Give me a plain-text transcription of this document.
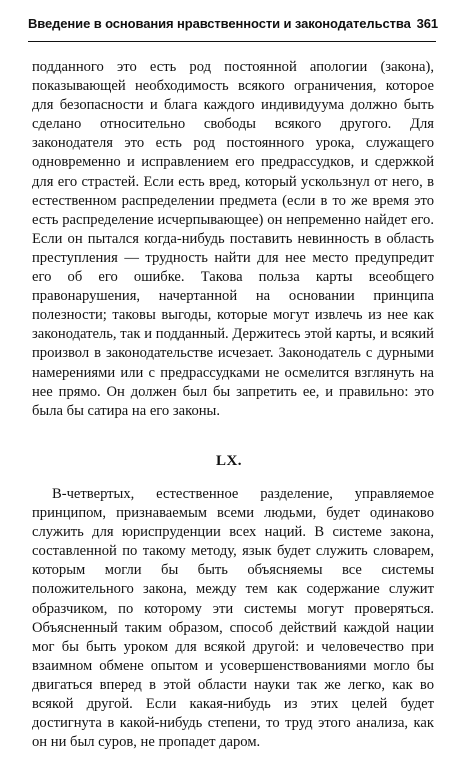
Введение в основания нравственности и законодательства 361

подданного это есть род постоянной апологии (закона), показывающей необходимость всякого ограничения, которое для безопасности и блага каждого индивидуума должно быть сделано относительно свободы всякого другого. Для законодателя это есть род постоянного урока, служащего одновременно и исправлением его предрассудков, и сдержкой для его страстей. Если есть вред, который ускользнул от него, в естественном распределении предмета (если в то же время это есть распределение исчерпывающее) он непременно найдет его. Если он пытался когда-нибудь поставить невинность в область преступления — трудность найти для нее место предупредит его об его ошибке. Такова польза карты всеобщего правонарушения, начертанной на основании принципа полезности; таковы выгоды, которые могут извлечь из нее как законодатель, так и подданный. Держитесь этой карты, и всякий произвол в законодательстве исчезает. Законодатель с дурными намерениями или с предрассудками не осмелится взглянуть на нее прямо. Он должен был бы запретить ее, и правильно: это была бы сатира на его законы.

LX.

В-четвертых, естественное разделение, управляемое принципом, признаваемым всеми людьми, будет одинаково служить для юриспруденции всех наций. В системе закона, составленной по такому методу, язык будет служить словарем, которым могли бы быть объясняемы все системы положительного закона, между тем как содержание служит образчиком, по которому эти системы могут проверяться. Объясненный таким образом, способ действий каждой нации мог бы быть уроком для всякой другой: и человечество при взаимном обмене опытом и усовершенствованиями могло бы двигаться вперед в этой области науки так же легко, как во всякой другой. Если какая-нибудь из этих целей будет достигнута в какой-нибудь степени, то труд этого анализа, как он ни был суров, не пропадет даром.
